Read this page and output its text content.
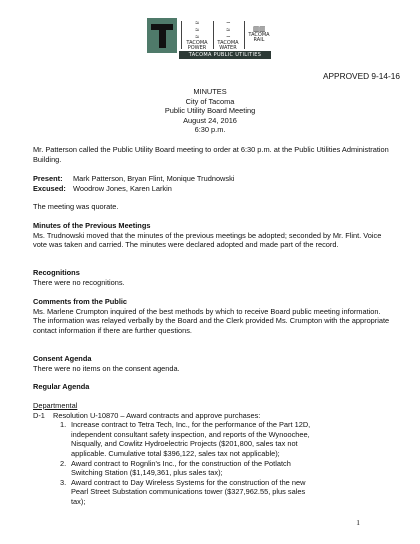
≈
≈
≈
TACOMA POWER
~
≈
~
TACOMA WATER
▥▥
TACOMA RAIL
TACOMA PUBLIC UTILITIES
APPROVED 9-14-16
MINUTES
City of Tacoma
Public Utility Board Meeting
August 24, 2016
6:30 p.m.
Mr. Patterson called the Public Utility Board meeting to order at 6:30 p.m. at the Public Utilities Administration Building.
Present: Mark Patterson, Bryan Flint, Monique Trudnowski
Excused: Woodrow Jones, Karen Larkin
The meeting was quorate.
Minutes of the Previous Meetings
Ms. Trudnowski moved that the minutes of the previous meetings be adopted; seconded by Mr. Flint. Voice vote was taken and carried. The minutes were declared adopted and made part of the record.
Recognitions
There were no recognitions.
Comments from the Public
Ms. Marlene Crumpton inquired of the best methods by which to receive Board public meeting information. The information was relayed verbally by the Board and the Clerk provided Ms. Crumpton with the appropriate contact information if there are further questions.
Consent Agenda
There were no items on the consent agenda.
Regular Agenda
Departmental
D-1 Resolution U-10870 – Award contracts and approve purchases:
1. Increase contract to Tetra Tech, Inc., for the performance of the Part 12D,
independent consultant safety inspection, and reports of the Wynoochee,
Nisqually, and Cowlitz Hydroelectric Projects ($201,800, sales tax not
applicable. Cumulative total $396,122, sales tax not applicable);
2. Award contract to Rognlin's Inc., for the construction of the Potlatch
Switching Station ($1,149,361, plus sales tax);
3. Award contract to Day Wireless Systems for the construction of the new
Pearl Street Substation communications tower ($327,962.55, plus sales
tax);
1
